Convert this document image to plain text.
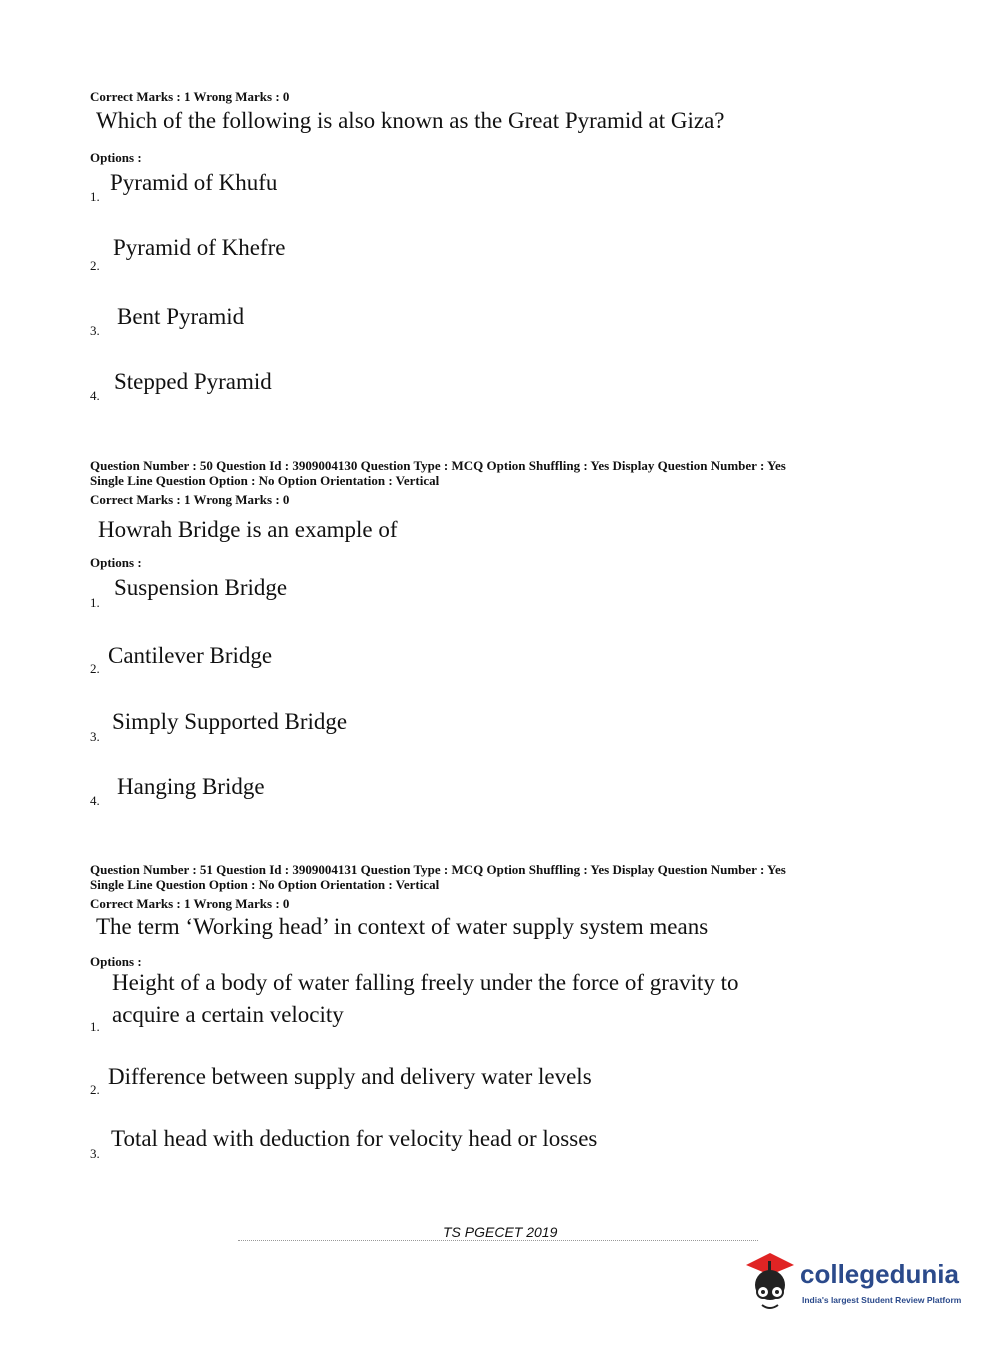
Correct Marks : 1 Wrong Marks : 0
Which of the following is also known as the Great Pyramid at Giza?
Options :
1.
Pyramid of Khufu
2.
Pyramid of Khefre
3.
Bent Pyramid
4.
Stepped Pyramid
Question Number : 50 Question Id : 3909004130 Question Type : MCQ Option Shuffling : Yes Display Question Number : Yes
Single Line Question Option : No Option Orientation : Vertical
Correct Marks : 1 Wrong Marks : 0
Howrah Bridge is an example of
Options :
1.
Suspension Bridge
2.
Cantilever Bridge
3.
Simply Supported Bridge
4.
Hanging Bridge
Question Number : 51 Question Id : 3909004131 Question Type : MCQ Option Shuffling : Yes Display Question Number : Yes
Single Line Question Option : No Option Orientation : Vertical
Correct Marks : 1 Wrong Marks : 0
The term ‘Working head’ in context of water supply system means
Options :
Height of a body of water falling freely under the force of gravity to
1. acquire a certain velocity
2.
Difference between supply and delivery water levels
3.
Total head with deduction for velocity head or losses
TS PGECET 2019
collegedunia
India's largest Student Review Platform
